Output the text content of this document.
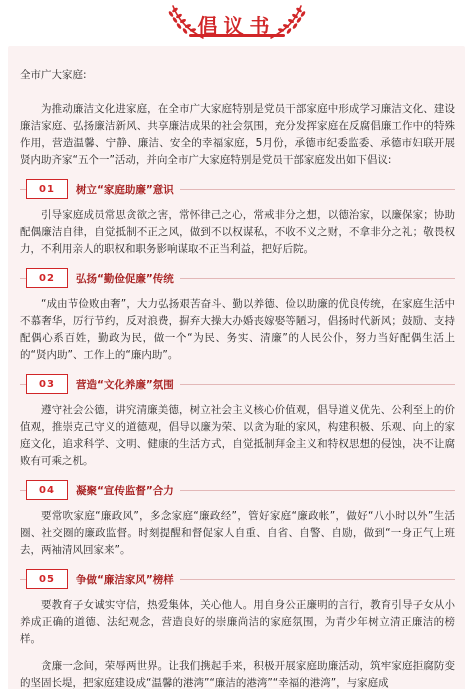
倡议书

全市广大家庭:

为推动廉洁文化进家庭，在全市广大家庭特别是党员干部家庭中形成学习廉洁文化、建设廉洁家庭、弘扬廉洁新风、共享廉洁成果的社会氛围，充分发挥家庭在反腐倡廉工作中的特殊作用，营造温馨、宁静、廉洁、安全的幸福家庭，5月份，承德市纪委监委、承德市妇联开展贤内助齐家“五个一”活动，并向全市广大家庭特别是党员干部家庭发出如下倡议:

01	树立“家庭助廉”意识

引导家庭成员常思贪欲之害，常怀律己之心，常戒非分之想，以德治家，以廉保家；协助配偶廉洁自律，自觉抵制不正之风，做到不以权谋私，不收不义之财，不拿非分之礼；敬畏权力，不利用亲人的职权和职务影响谋取不正当利益，把好后院。

02	弘扬“勤俭促廉”传统

“成由节俭败由奢”，大力弘扬艰苦奋斗、勤以养德、俭以助廉的优良传统，在家庭生活中不慕奢华，厉行节约，反对浪费，摒弃大操大办婚丧嫁娶等陋习，倡扬时代新风；鼓励、支持配偶心系百姓，勤政为民，做一个“为民、务实、清廉”的人民公仆，努力当好配偶生活上的“贤内助”、工作上的“廉内助”。

03	营造“文化养廉”氛围

遵守社会公德，讲究清廉美德，树立社会主义核心价值观，倡导道义优先、公利至上的价值观，推崇克己守义的道德观，倡导以廉为荣、以贪为耻的家风，构建积极、乐观、向上的家庭文化，追求科学、文明、健康的生活方式，自觉抵制拜金主义和特权思想的侵蚀，决不让腐败有可乘之机。

04	凝聚“宣传监督”合力

要常吹家庭“廉政风”，多念家庭“廉政经”，管好家庭“廉政帐”，做好“八小时以外”生活圈、社交圈的廉政监督。时刻提醒和督促家人自重、自省、自警、自励，做到“一身正气上班去，两袖清风回家来”。

05	争做“廉洁家风”榜样

要教育子女诚实守信，热爱集体，关心他人。用自身公正廉明的言行，教育引导子女从小养成正确的道德、法纪观念，营造良好的崇廉尚洁的家庭氛围，为青少年树立清正廉洁的榜样。

贪廉一念间，荣辱两世界。让我们携起手来，积极开展家庭助廉活动，筑牢家庭拒腐防变的坚固长堤，把家庭建设成“温馨的港湾”“廉洁的港湾”“幸福的港湾”，与家庭成
